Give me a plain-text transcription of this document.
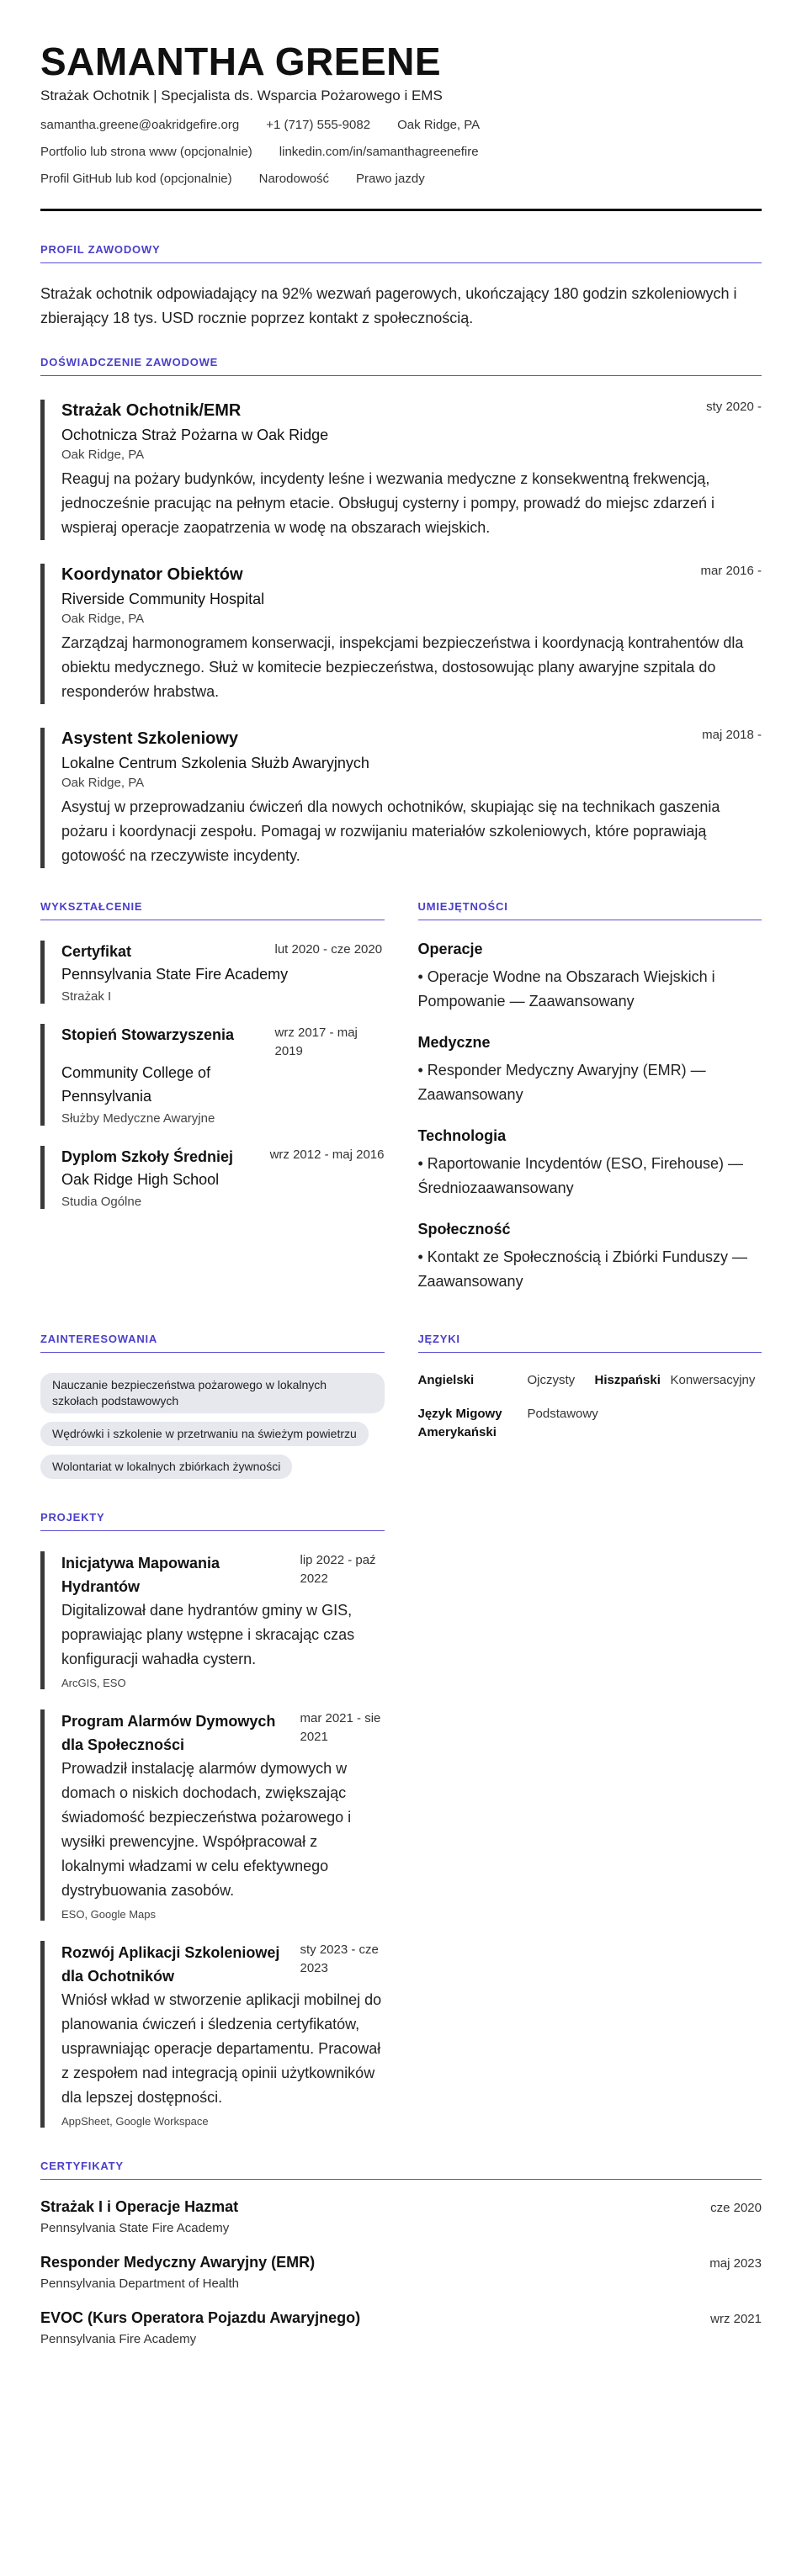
SAMANTHA GREENE
Strażak Ochotnik | Specjalista ds. Wsparcia Pożarowego i EMS
samantha.greene@oakridgefire.org +1 (717) 555-9082 Oak Ridge, PA
Portfolio lub strona www (opcjonalnie) linkedin.com/in/samanthagreenefire
Profil GitHub lub kod (opcjonalnie) Narodowość Prawo jazdy
PROFIL ZAWODOWY
Strażak ochotnik odpowiadający na 92% wezwań pagerowych, ukończający 180 godzin szkoleniowych i zbierający 18 tys. USD rocznie poprzez kontakt z społecznością.
DOŚWIADCZENIE ZAWODOWE
Strażak Ochotnik/EMR	sty 2020 -
Ochotnicza Straż Pożarna w Oak Ridge
Oak Ridge, PA
Reaguj na pożary budynków, incydenty leśne i wezwania medyczne z konsekwentną frekwencją, jednocześnie pracując na pełnym etacie. Obsługuj cysterny i pompy, prowadź do miejsc zdarzeń i wspieraj operacje zaopatrzenia w wodę na obszarach wiejskich.
Koordynator Obiektów	mar 2016 -
Riverside Community Hospital
Oak Ridge, PA
Zarządzaj harmonogramem konserwacji, inspekcjami bezpieczeństwa i koordynacją kontrahentów dla obiektu medycznego. Służ w komitecie bezpieczeństwa, dostosowując plany awaryjne szpitala do responderów hrabstwa.
Asystent Szkoleniowy	maj 2018 -
Lokalne Centrum Szkolenia Służb Awaryjnych
Oak Ridge, PA
Asystuj w przeprowadzaniu ćwiczeń dla nowych ochotników, skupiając się na technikach gaszenia pożaru i koordynacji zespołu. Pomagaj w rozwijaniu materiałów szkoleniowych, które poprawiają gotowość na rzeczywiste incydenty.
WYKSZTAŁCENIE
Certyfikat	lut 2020 - cze 2020
Pennsylvania State Fire Academy
Strażak I
Stopień Stowarzyszenia	wrz 2017 - maj 2019
Community College of Pennsylvania
Służby Medyczne Awaryjne
Dyplom Szkoły Średniej	wrz 2012 - maj 2016
Oak Ridge High School
Studia Ogólne
UMIEJĘTNOŚCI
Operacje
• Operacje Wodne na Obszarach Wiejskich i Pompowanie — Zaawansowany
Medyczne
• Responder Medyczny Awaryjny (EMR) — Zaawansowany
Technologia
• Raportowanie Incydentów (ESO, Firehouse) — Średniozaawansowany
Społeczność
• Kontakt ze Społecznością i Zbiórki Funduszy — Zaawansowany
ZAINTERESOWANIA
Nauczanie bezpieczeństwa pożarowego w lokalnych szkołach podstawowych
Wędrówki i szkolenie w przetrwaniu na świeżym powietrzu
Wolontariat w lokalnych zbiórkach żywności
JĘZYKI
Angielski	Ojczysty	Hiszpański Konwersacyjny
Język Migowy Amerykański
Podstawowy
PROJEKTY
Inicjatywa Mapowania Hydrantów
lip 2022 - paź 2022
Digitalizował dane hydrantów gminy w GIS, poprawiając plany wstępne i skracając czas konfiguracji wahadła cystern.
ArcGIS, ESO
Program Alarmów Dymowych dla Społeczności
mar 2021 - sie 2021
Prowadził instalację alarmów dymowych w domach o niskich dochodach, zwiększając świadomość bezpieczeństwa pożarowego i wysiłki prewencyjne. Współpracował z lokalnymi władzami w celu efektywnego dystrybuowania zasobów.
ESO, Google Maps
Rozwój Aplikacji Szkoleniowej dla Ochotników
sty 2023 - cze 2023
Wniósł wkład w stworzenie aplikacji mobilnej do planowania ćwiczeń i śledzenia certyfikatów, usprawniając operacje departamentu. Pracował z zespołem nad integracją opinii użytkowników dla lepszej dostępności.
AppSheet, Google Workspace
CERTYFIKATY
Strażak I i Operacje Hazmat	cze 2020
Pennsylvania State Fire Academy
Responder Medyczny Awaryjny (EMR)	maj 2023
Pennsylvania Department of Health
EVOC (Kurs Operatora Pojazdu Awaryjnego)	wrz 2021
Pennsylvania Fire Academy
